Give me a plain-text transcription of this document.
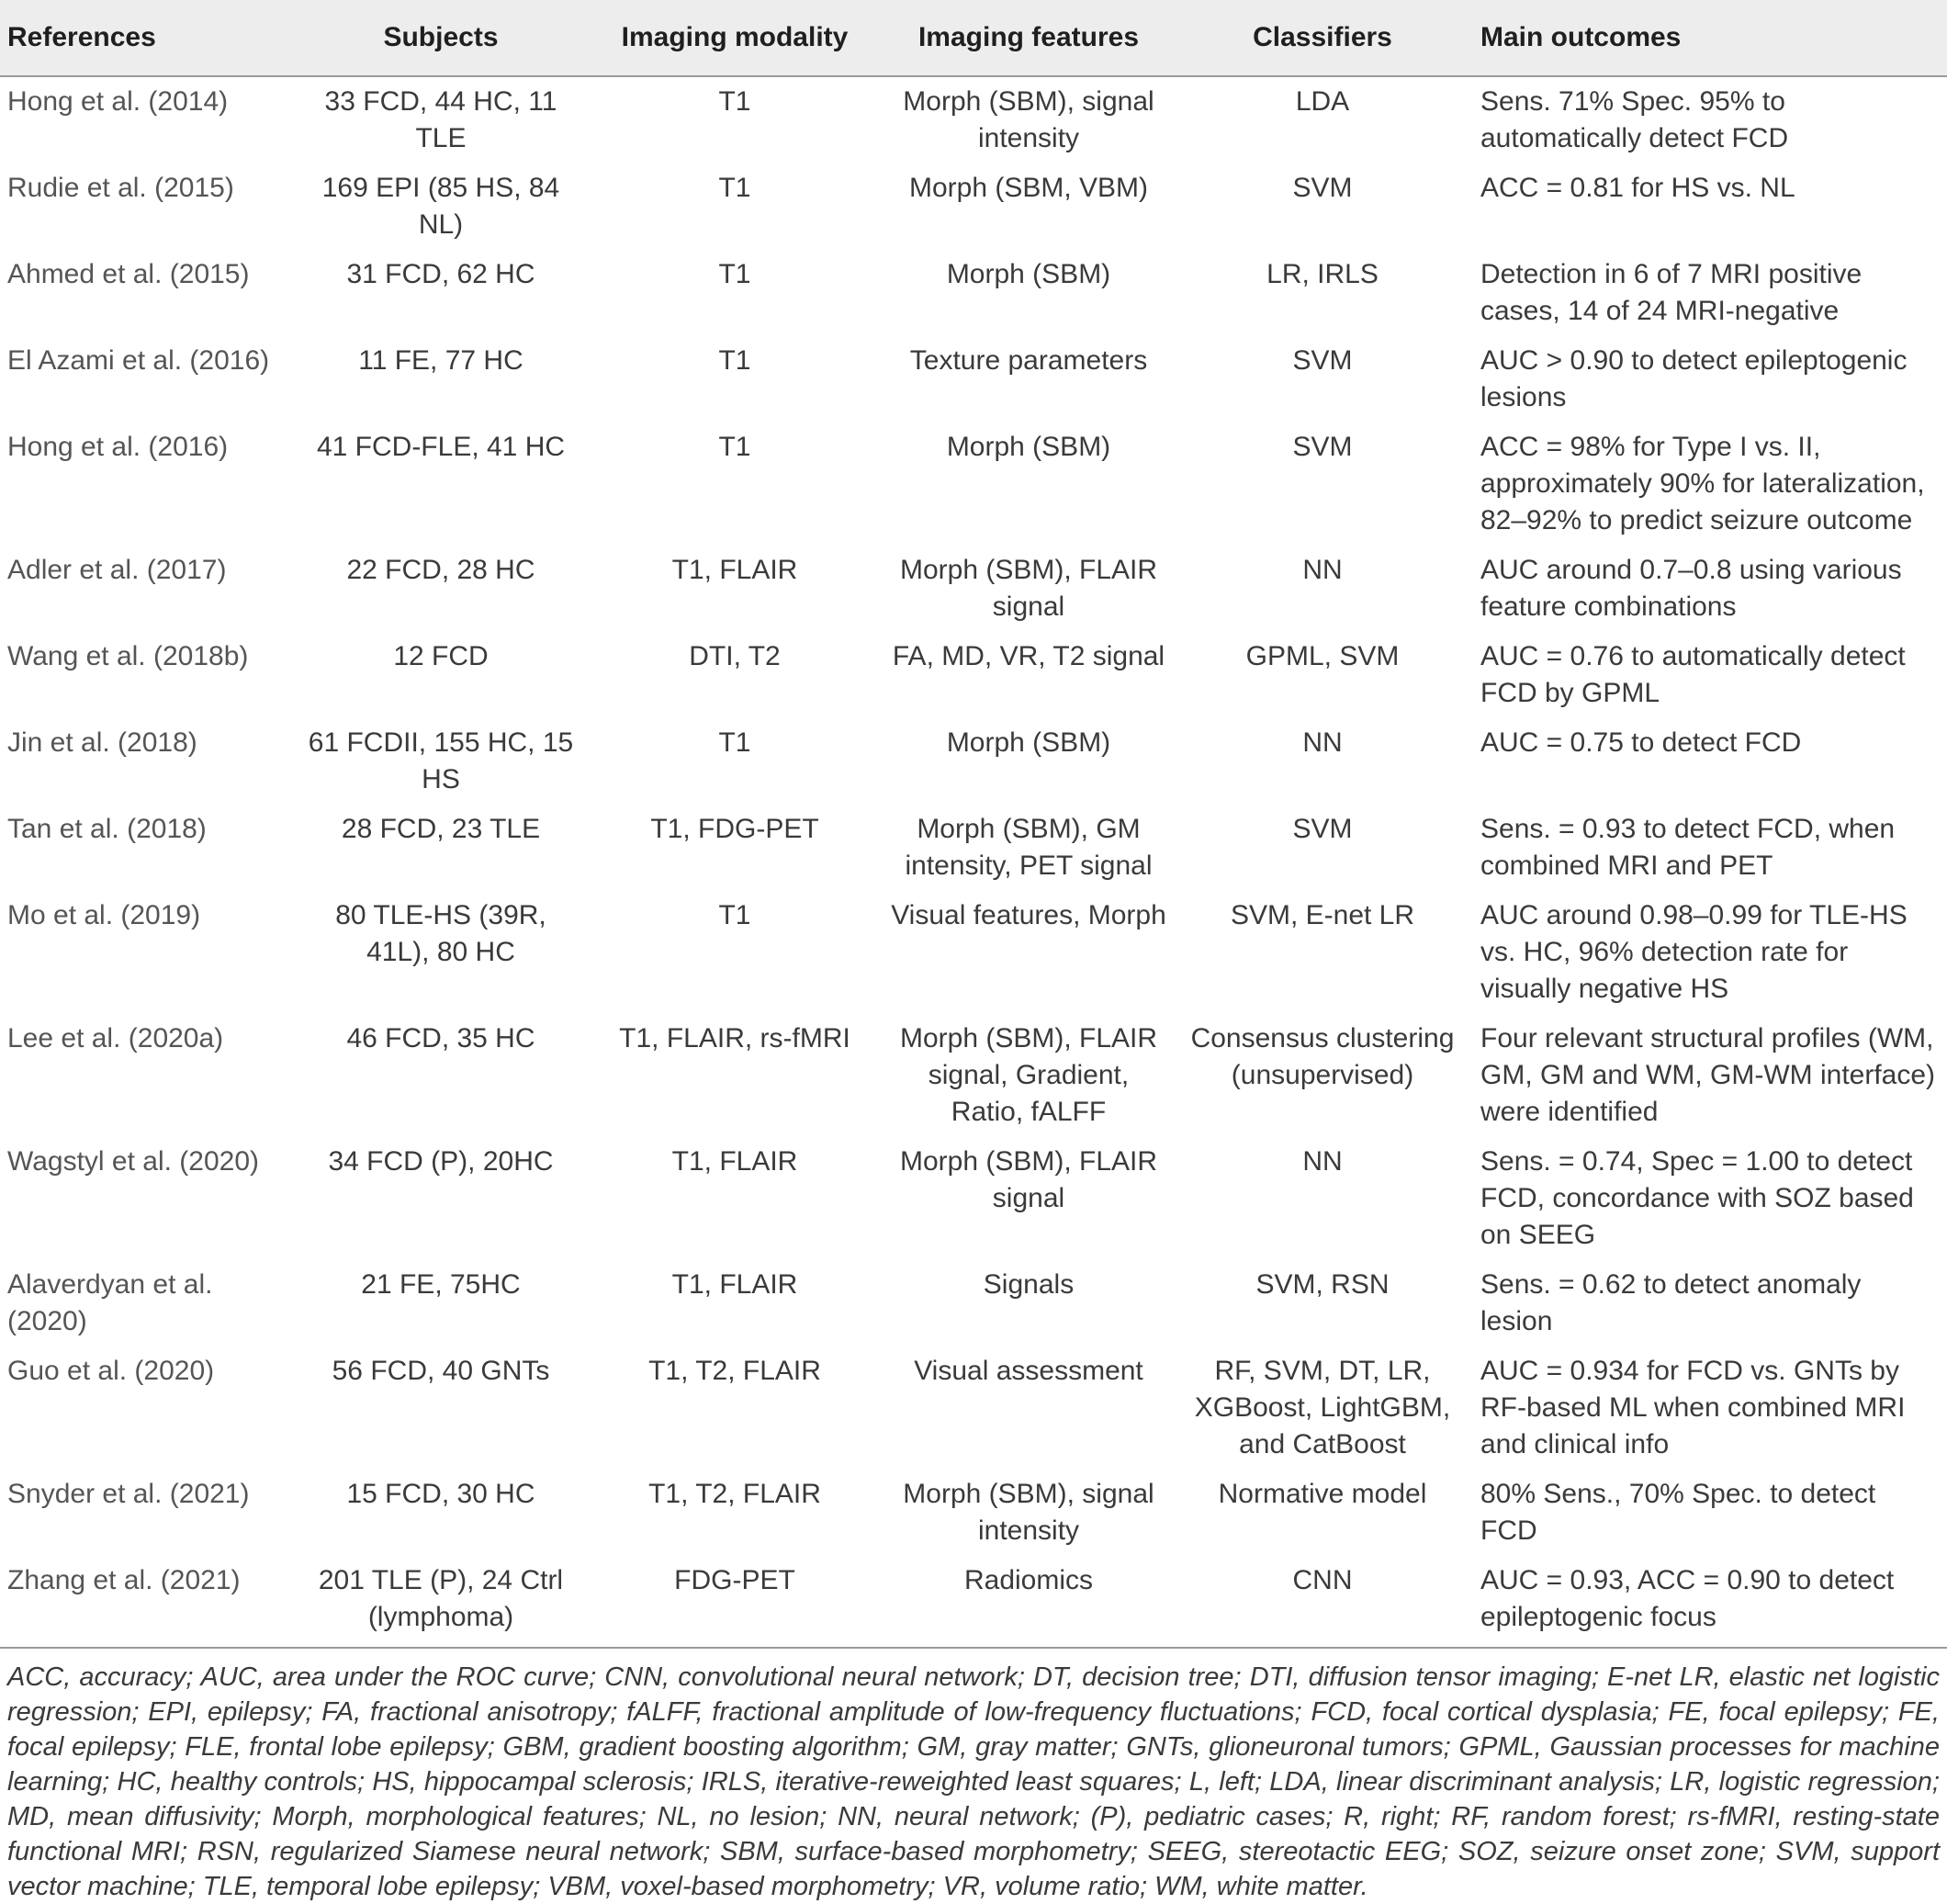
References	Subjects	Imaging modality	Imaging features	Classifiers	Main outcomes
Hong et al. (2014)	33 FCD, 44 HC, 11 TLE	T1	Morph (SBM), signal intensity	LDA	Sens. 71% Spec. 95% to automatically detect FCD
Rudie et al. (2015)	169 EPI (85 HS, 84 NL)	T1	Morph (SBM, VBM)	SVM	ACC = 0.81 for HS vs. NL
Ahmed et al. (2015)	31 FCD, 62 HC	T1	Morph (SBM)	LR, IRLS	Detection in 6 of 7 MRI positive cases, 14 of 24 MRI-negative
El Azami et al. (2016)	11 FE, 77 HC	T1	Texture parameters	SVM	AUC > 0.90 to detect epileptogenic lesions
Hong et al. (2016)	41 FCD-FLE, 41 HC	T1	Morph (SBM)	SVM	ACC = 98% for Type I vs. II, approximately 90% for lateralization, 82–92% to predict seizure outcome
Adler et al. (2017)	22 FCD, 28 HC	T1, FLAIR	Morph (SBM), FLAIR signal	NN	AUC around 0.7–0.8 using various feature combinations
Wang et al. (2018b)	12 FCD	DTI, T2	FA, MD, VR, T2 signal	GPML, SVM	AUC = 0.76 to automatically detect FCD by GPML
Jin et al. (2018)	61 FCDII, 155 HC, 15 HS	T1	Morph (SBM)	NN	AUC = 0.75 to detect FCD
Tan et al. (2018)	28 FCD, 23 TLE	T1, FDG-PET	Morph (SBM), GM intensity, PET signal	SVM	Sens. = 0.93 to detect FCD, when combined MRI and PET
Mo et al. (2019)	80 TLE-HS (39R, 41L), 80 HC	T1	Visual features, Morph	SVM, E-net LR	AUC around 0.98–0.99 for TLE-HS vs. HC, 96% detection rate for visually negative HS
Lee et al. (2020a)	46 FCD, 35 HC	T1, FLAIR, rs-fMRI	Morph (SBM), FLAIR signal, Gradient, Ratio, fALFF	Consensus clustering (unsupervised)	Four relevant structural profiles (WM, GM, GM and WM, GM-WM interface) were identified
Wagstyl et al. (2020)	34 FCD (P), 20HC	T1, FLAIR	Morph (SBM), FLAIR signal	NN	Sens. = 0.74, Spec = 1.00 to detect FCD, concordance with SOZ based on SEEG
Alaverdyan et al. (2020)	21 FE, 75HC	T1, FLAIR	Signals	SVM, RSN	Sens. = 0.62 to detect anomaly lesion
Guo et al. (2020)	56 FCD, 40 GNTs	T1, T2, FLAIR	Visual assessment	RF, SVM, DT, LR, XGBoost, LightGBM, and CatBoost	AUC = 0.934 for FCD vs. GNTs by RF-based ML when combined MRI and clinical info
Snyder et al. (2021)	15 FCD, 30 HC	T1, T2, FLAIR	Morph (SBM), signal intensity	Normative model	80% Sens., 70% Spec. to detect FCD
Zhang et al. (2021)	201 TLE (P), 24 Ctrl (lymphoma)	FDG-PET	Radiomics	CNN	AUC = 0.93, ACC = 0.90 to detect epileptogenic focus
ACC, accuracy; AUC, area under the ROC curve; CNN, convolutional neural network; DT, decision tree; DTI, diffusion tensor imaging; E-net LR, elastic net logistic regression; EPI, epilepsy; FA, fractional anisotropy; fALFF, fractional amplitude of low-frequency fluctuations; FCD, focal cortical dysplasia; FE, focal epilepsy; FE, focal epilepsy; FLE, frontal lobe epilepsy; GBM, gradient boosting algorithm; GM, gray matter; GNTs, glioneuronal tumors; GPML, Gaussian processes for machine learning; HC, healthy controls; HS, hippocampal sclerosis; IRLS, iterative-reweighted least squares; L, left; LDA, linear discriminant analysis; LR, logistic regression; MD, mean diffusivity; Morph, morphological features; NL, no lesion; NN, neural network; (P), pediatric cases; R, right; RF, random forest; rs-fMRI, resting-state functional MRI; RSN, regularized Siamese neural network; SBM, surface-based morphometry; SEEG, stereotactic EEG; SOZ, seizure onset zone; SVM, support vector machine; TLE, temporal lobe epilepsy; VBM, voxel-based morphometry; VR, volume ratio; WM, white matter.
